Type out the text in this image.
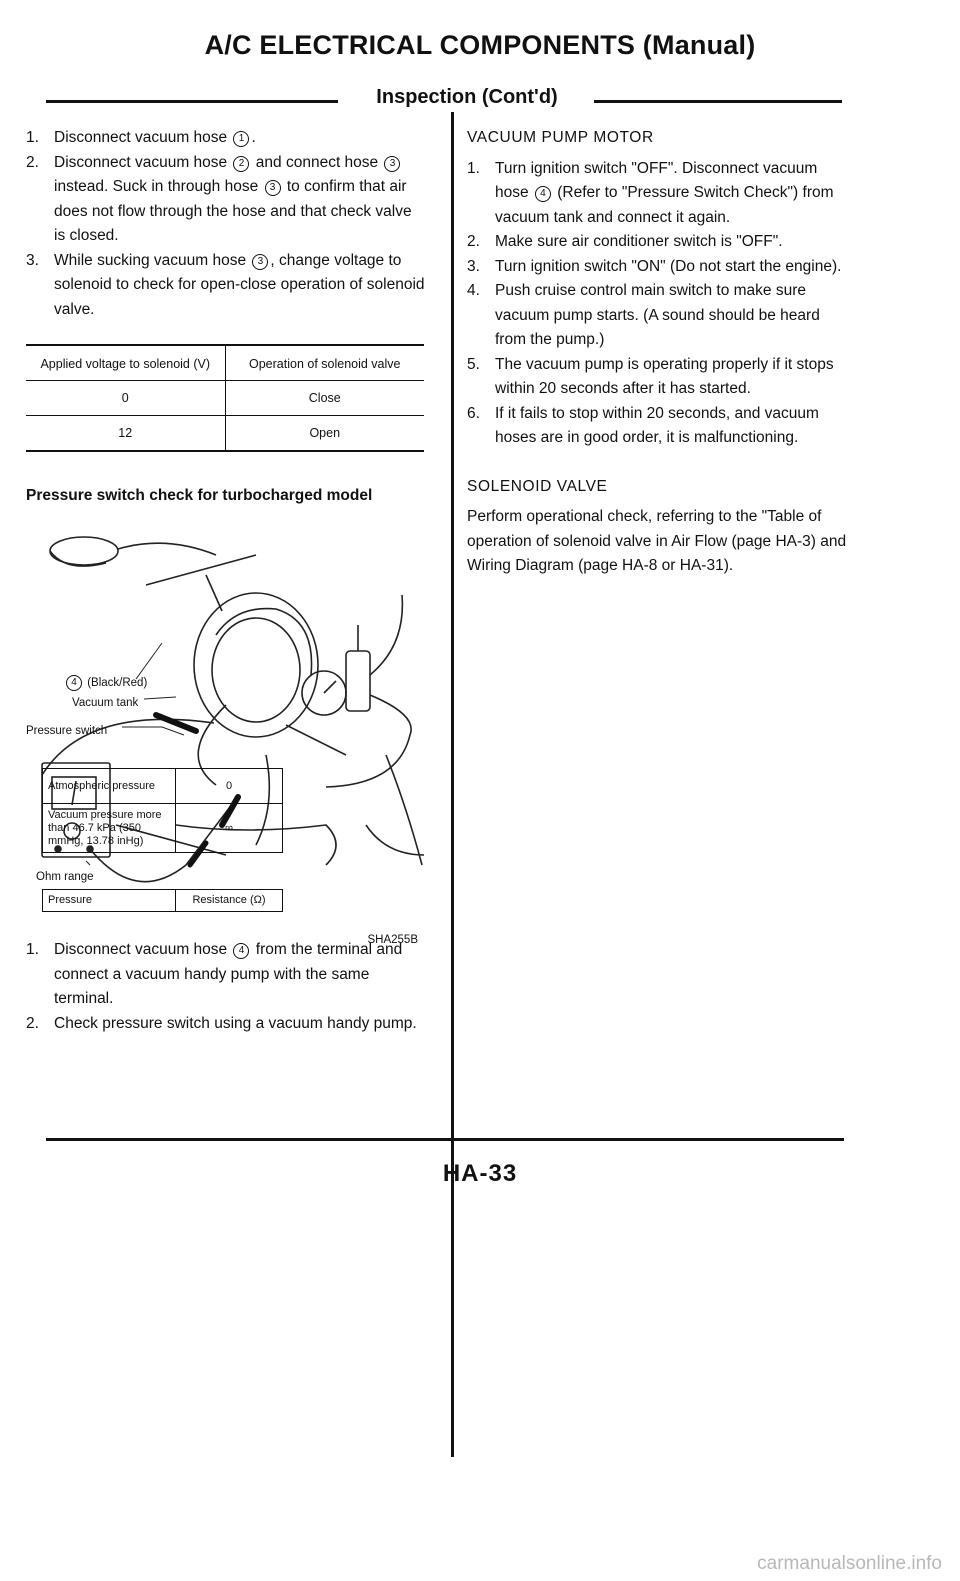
A/C ELECTRICAL COMPONENTS (Manual)
Inspection (Cont'd)
1. Disconnect vacuum hose 1 .
2. Disconnect vacuum hose 2 and connect hose 3 instead. Suck in through hose 3 to confirm that air does not flow through the hose and that check valve is closed.
3. While sucking vacuum hose 3 , change voltage to solenoid to check for open-close operation of solenoid valve.
Applied voltage to solenoid (V)	Operation of solenoid valve
0	Close
12	Open
Pressure switch check for turbocharged model
4 (Black/Red)
Vacuum tank
Pressure switch
Ohm range
Pressure	Resistance (Ω)
SHA255B
Atmospheric pressure	0
Vacuum pressure more than 46.7 kPa (350 mmHg, 13.78 inHg)	∞
1. Disconnect vacuum hose 4 from the terminal and connect a vacuum handy pump with the same terminal.
2. Check pressure switch using a vacuum handy pump.
VACUUM PUMP MOTOR
1. Turn ignition switch "OFF". Disconnect vacuum hose 4 (Refer to "Pressure Switch Check") from vacuum tank and connect it again.
2. Make sure air conditioner switch is "OFF".
3. Turn ignition switch "ON" (Do not start the engine).
4. Push cruise control main switch to make sure vacuum pump starts. (A sound should be heard from the pump.)
5. The vacuum pump is operating properly if it stops within 20 seconds after it has started.
6. If it fails to stop within 20 seconds, and vacuum hoses are in good order, it is malfunctioning.
SOLENOID VALVE

Perform operational check, referring to the "Table of operation of solenoid valve in Air Flow (page HA-3) and Wiring Diagram (page HA-8 or HA-31).

HA-33
carmanualsonline.info
